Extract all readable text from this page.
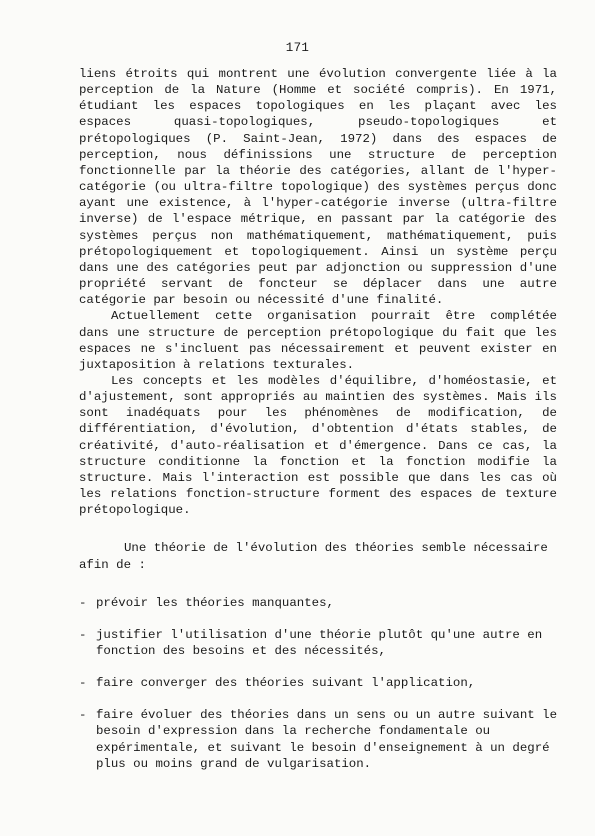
171

liens étroits qui montrent une évolution convergente liée à la perception de la Nature (Homme et société compris). En 1971, étudiant les espaces topologiques en les plaçant avec les espaces quasi-topologiques, pseudo-topologiques et prétopologiques (P. Saint-Jean, 1972) dans des espaces de perception, nous définissions une structure de perception fonctionnelle par la théorie des catégories, allant de l'hyper-catégorie (ou ultra-filtre topologique) des systèmes perçus donc ayant une existence, à l'hyper-catégorie inverse (ultra-filtre inverse) de l'espace métrique, en passant par la catégorie des systèmes perçus non mathématiquement, mathématiquement, puis prétopologiquement et topologiquement. Ainsi un système perçu dans une des catégories peut par adjonction ou suppression d'une propriété servant de foncteur se déplacer dans une autre catégorie par besoin ou nécessité d'une finalité.

Actuellement cette organisation pourrait être complétée dans une structure de perception prétopologique du fait que les espaces ne s'incluent pas nécessairement et peuvent exister en juxtaposition à relations texturales.

Les concepts et les modèles d'équilibre, d'homéostasie, et d'ajustement, sont appropriés au maintien des systèmes. Mais ils sont inadéquats pour les phénomènes de modification, de différentiation, d'évolution, d'obtention d'états stables, de créativité, d'auto-réalisation et d'émergence. Dans ce cas, la structure conditionne la fonction et la fonction modifie la structure. Mais l'interaction est possible que dans les cas où les relations fonction-structure forment des espaces de texture prétopologique.

Une théorie de l'évolution des théories semble nécessaire afin de :

- prévoir les théories manquantes,
- justifier l'utilisation d'une théorie plutôt qu'une autre en fonction des besoins et des nécessités,
- faire converger des théories suivant l'application,
- faire évoluer des théories dans un sens ou un autre suivant le besoin d'expression dans la recherche fondamentale ou expérimentale, et suivant le besoin d'enseignement à un degré plus ou moins grand de vulgarisation.
